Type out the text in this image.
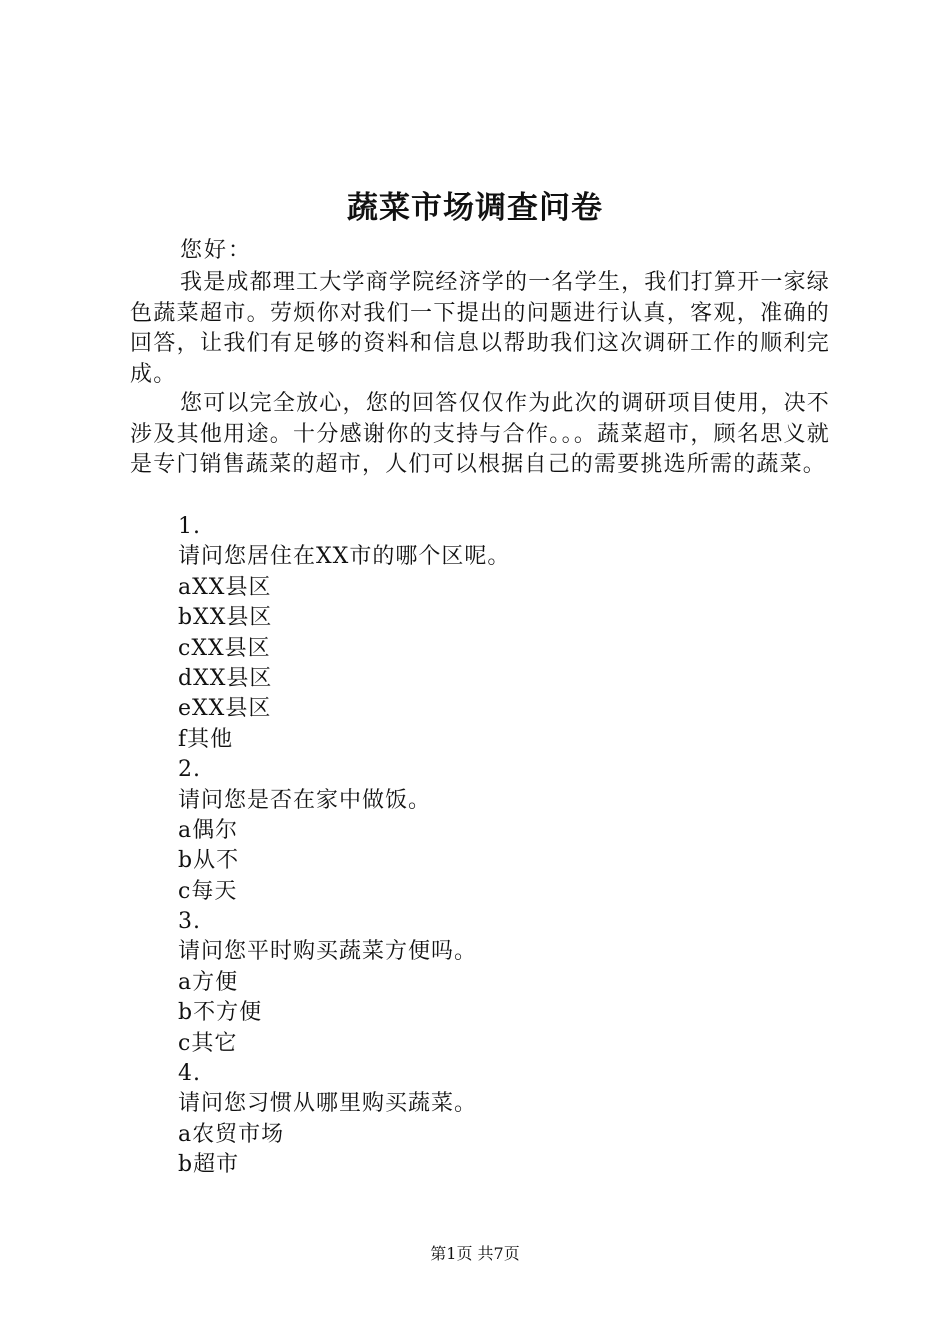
蔬菜市场调查问卷
您好：

我是成都理工大学商学院经济学的一名学生，我们打算开一家绿色蔬菜超市。劳烦你对我们一下提出的问题进行认真，客观，准确的回答，让我们有足够的资料和信息以帮助我们这次调研工作的顺利完成。

您可以完全放心，您的回答仅仅作为此次的调研项目使用，决不涉及其他用途。十分感谢你的支持与合作。。。蔬菜超市，顾名思义就是专门销售蔬菜的超市，人们可以根据自己的需要挑选所需的蔬菜。

1.
请问您居住在XX市的哪个区呢。
aXX县区
bXX县区
cXX县区
dXX县区
eXX县区
f其他
2.
请问您是否在家中做饭。
a偶尔
b从不
c每天
3.
请问您平时购买蔬菜方便吗。
a方便
b不方便
c其它
4.
请问您习惯从哪里购买蔬菜。
a农贸市场
b超市
第1页 共7页
